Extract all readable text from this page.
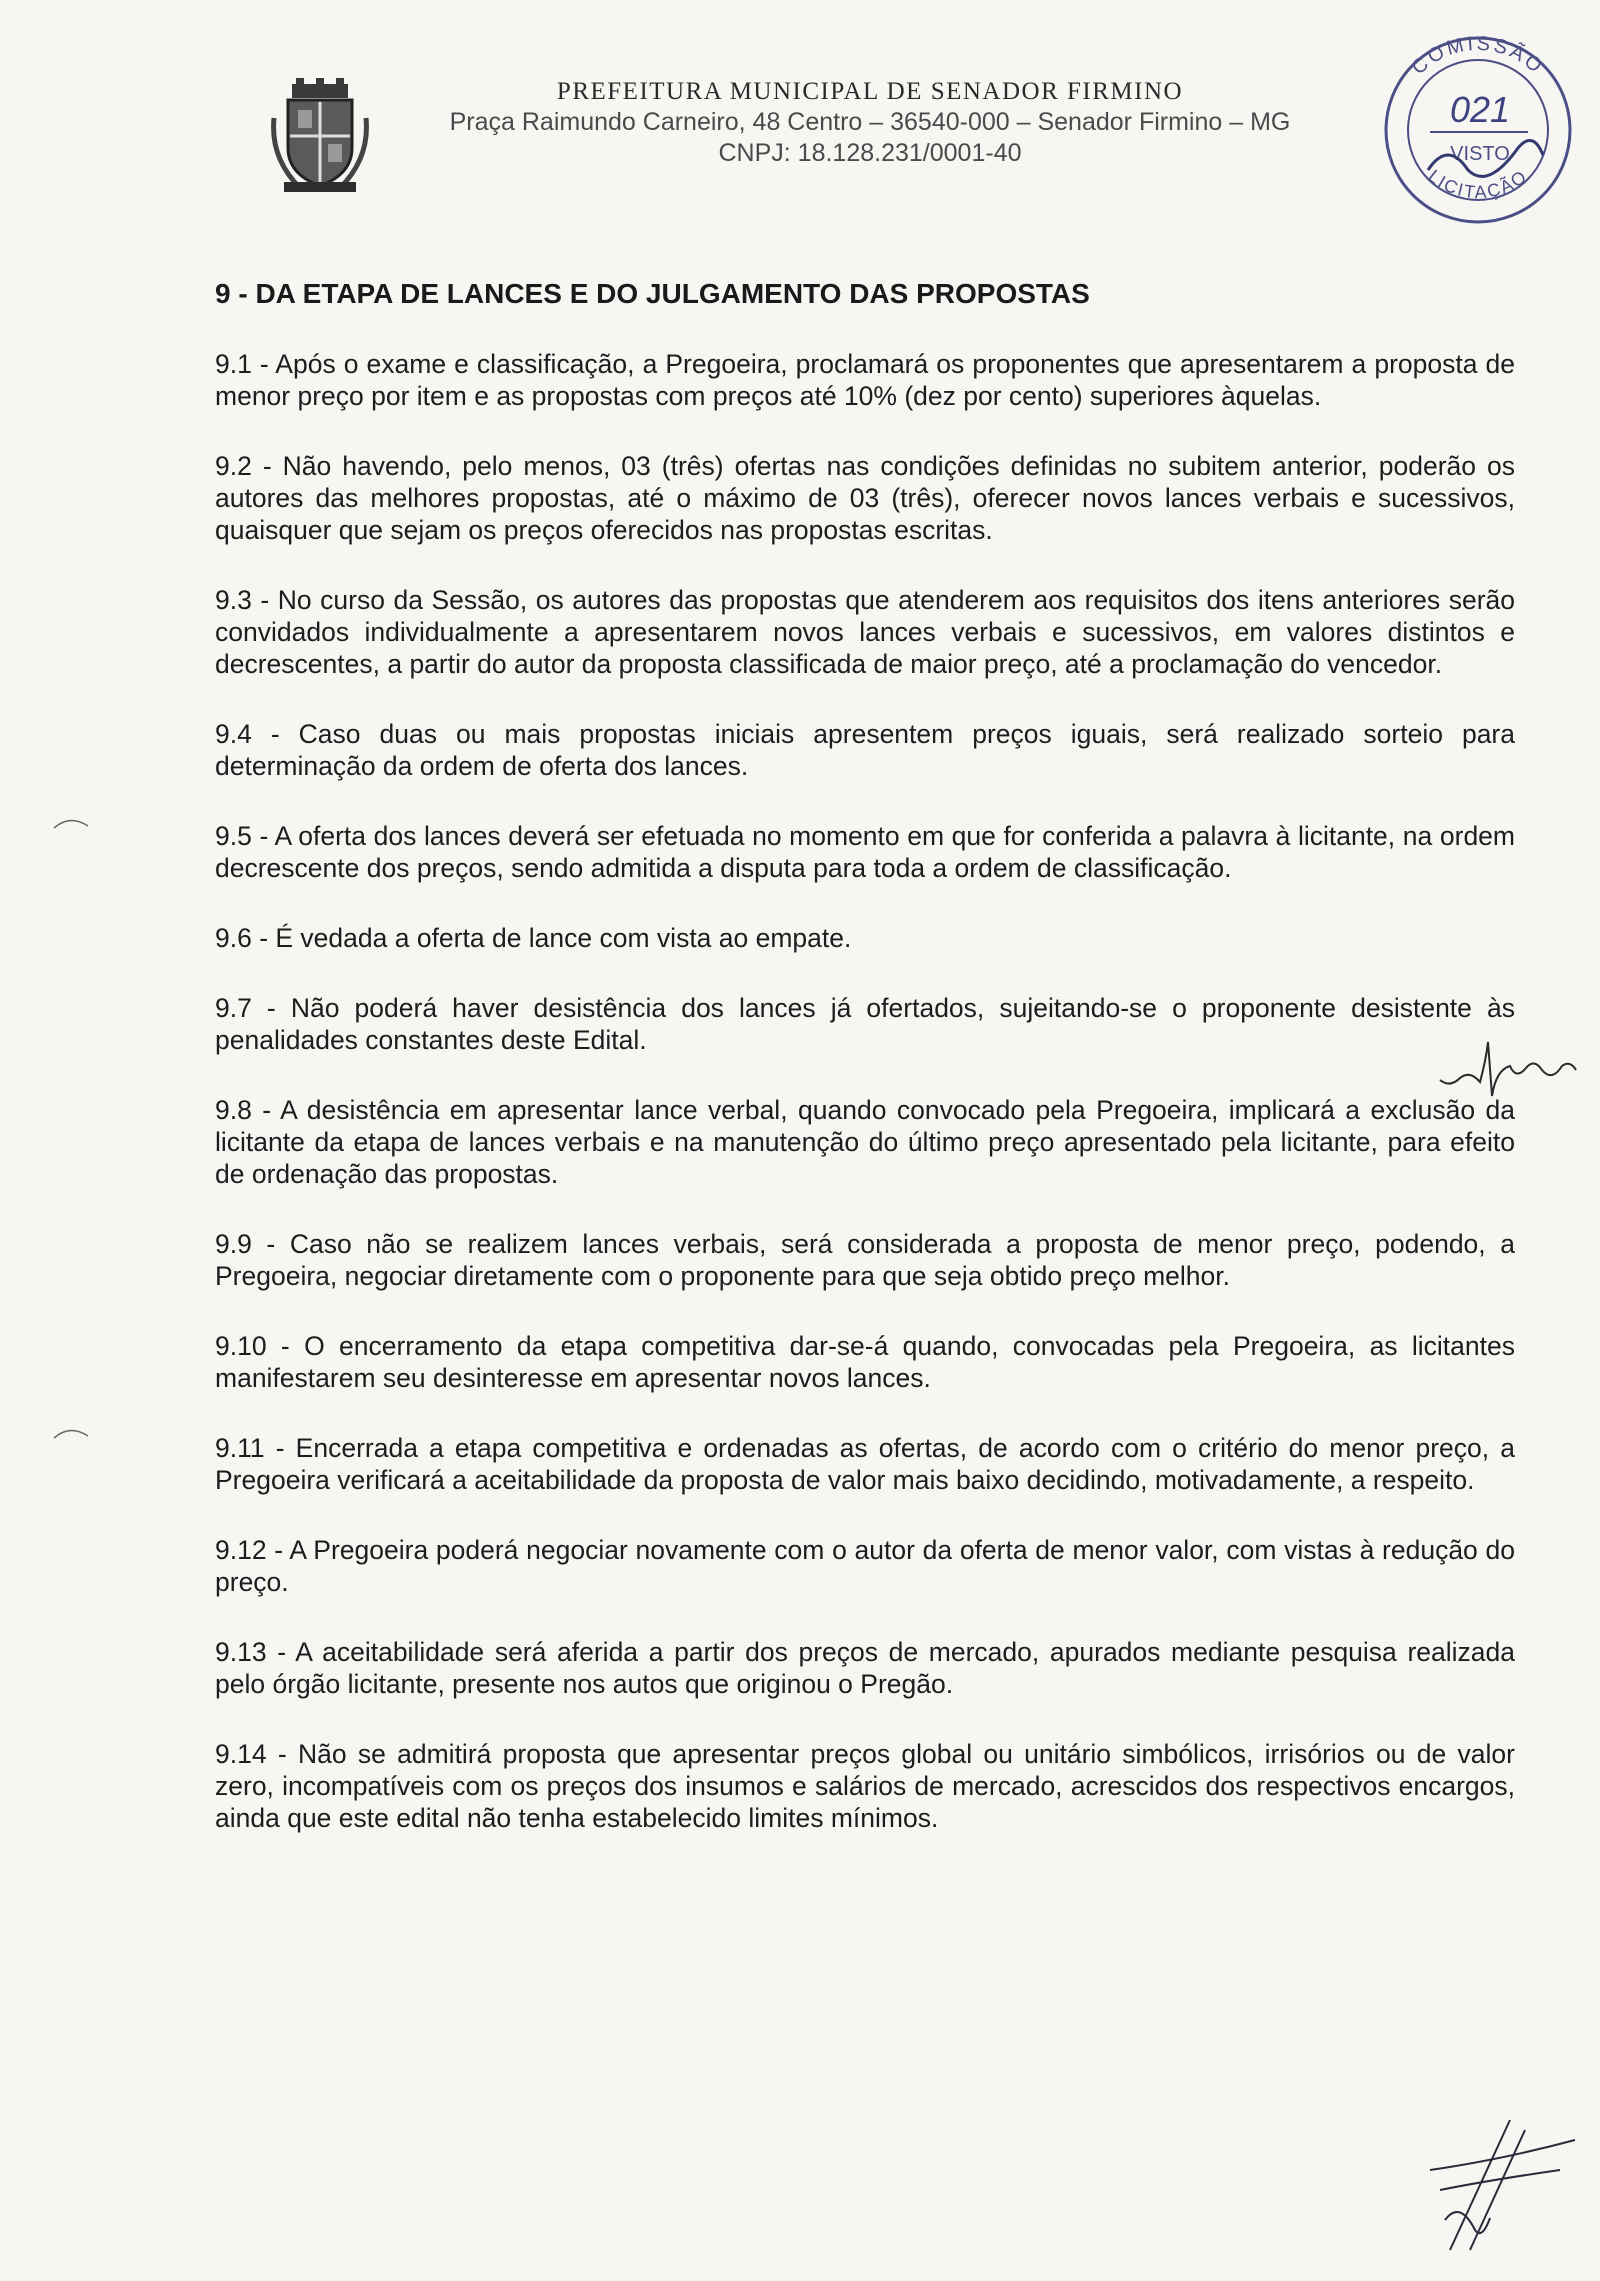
PREFEITURA MUNICIPAL DE SENADOR FIRMINO
Praça Raimundo Carneiro, 48 Centro – 36540-000 – Senador Firmino – MG
CNPJ: 18.128.231/0001-40
COMISSÃO
021
VISTO
LICITAÇÃO
9 - DA ETAPA DE LANCES E DO JULGAMENTO DAS PROPOSTAS

9.1 - Após o exame e classificação, a Pregoeira, proclamará os proponentes que apresentarem a proposta de menor preço por item e as propostas com preços até 10% (dez por cento) superiores àquelas.

9.2 - Não havendo, pelo menos, 03 (três) ofertas nas condições definidas no subitem anterior, poderão os autores das melhores propostas, até o máximo de 03 (três), oferecer novos lances verbais e sucessivos, quaisquer que sejam os preços oferecidos nas propostas escritas.

9.3 - No curso da Sessão, os autores das propostas que atenderem aos requisitos dos itens anteriores serão convidados individualmente a apresentarem novos lances verbais e sucessivos, em valores distintos e decrescentes, a partir do autor da proposta classificada de maior preço, até a proclamação do vencedor.

9.4 - Caso duas ou mais propostas iniciais apresentem preços iguais, será realizado sorteio para determinação da ordem de oferta dos lances.

9.5 - A oferta dos lances deverá ser efetuada no momento em que for conferida a palavra à licitante, na ordem decrescente dos preços, sendo admitida a disputa para toda a ordem de classificação.

9.6 - É vedada a oferta de lance com vista ao empate.

9.7 - Não poderá haver desistência dos lances já ofertados, sujeitando-se o proponente desistente às penalidades constantes deste Edital.

9.8 - A desistência em apresentar lance verbal, quando convocado pela Pregoeira, implicará a exclusão da licitante da etapa de lances verbais e na manutenção do último preço apresentado pela licitante, para efeito de ordenação das propostas.

9.9 - Caso não se realizem lances verbais, será considerada a proposta de menor preço, podendo, a Pregoeira, negociar diretamente com o proponente para que seja obtido preço melhor.

9.10 - O encerramento da etapa competitiva dar-se-á quando, convocadas pela Pregoeira, as licitantes manifestarem seu desinteresse em apresentar novos lances.

9.11 - Encerrada a etapa competitiva e ordenadas as ofertas, de acordo com o critério do menor preço, a Pregoeira verificará a aceitabilidade da proposta de valor mais baixo decidindo, motivadamente, a respeito.

9.12 - A Pregoeira poderá negociar novamente com o autor da oferta de menor valor, com vistas à redução do preço.

9.13 - A aceitabilidade será aferida a partir dos preços de mercado, apurados mediante pesquisa realizada pelo órgão licitante, presente nos autos que originou o Pregão.

9.14 - Não se admitirá proposta que apresentar preços global ou unitário simbólicos, irrisórios ou de valor zero, incompatíveis com os preços dos insumos e salários de mercado, acrescidos dos respectivos encargos, ainda que este edital não tenha estabelecido limites mínimos.
